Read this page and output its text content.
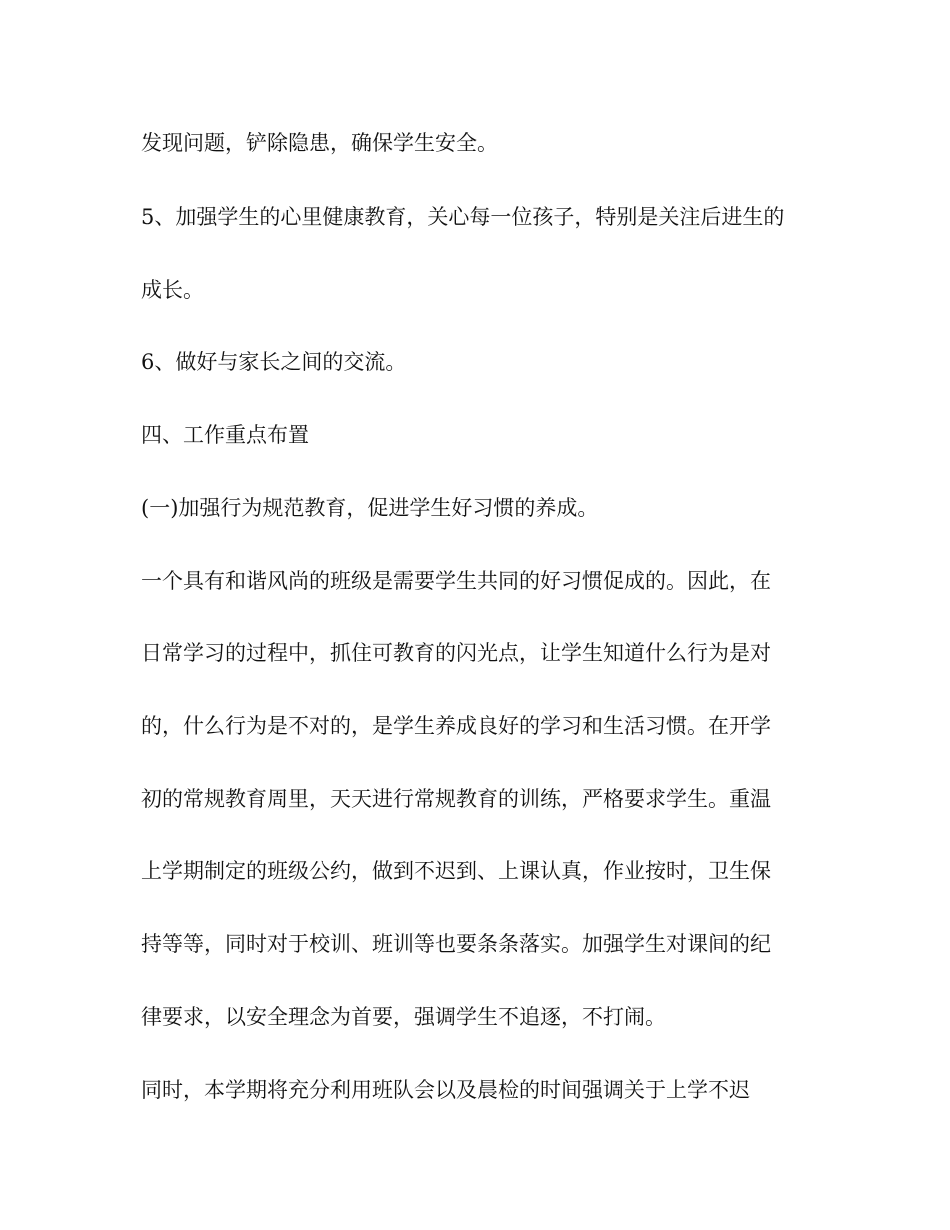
发现问题，铲除隐患，确保学生安全。
5、加强学生的心里健康教育，关心每一位孩子，特别是关注后进生的
成长。
6、做好与家长之间的交流。
四、工作重点布置
(一)加强行为规范教育，促进学生好习惯的养成。
一个具有和谐风尚的班级是需要学生共同的好习惯促成的。因此，在
日常学习的过程中，抓住可教育的闪光点，让学生知道什么行为是对
的，什么行为是不对的，是学生养成良好的学习和生活习惯。在开学
初的常规教育周里，天天进行常规教育的训练，严格要求学生。重温
上学期制定的班级公约，做到不迟到、上课认真，作业按时，卫生保
持等等，同时对于校训、班训等也要条条落实。加强学生对课间的纪
律要求，以安全理念为首要，强调学生不追逐，不打闹。
同时，本学期将充分利用班队会以及晨检的时间强调关于上学不迟
